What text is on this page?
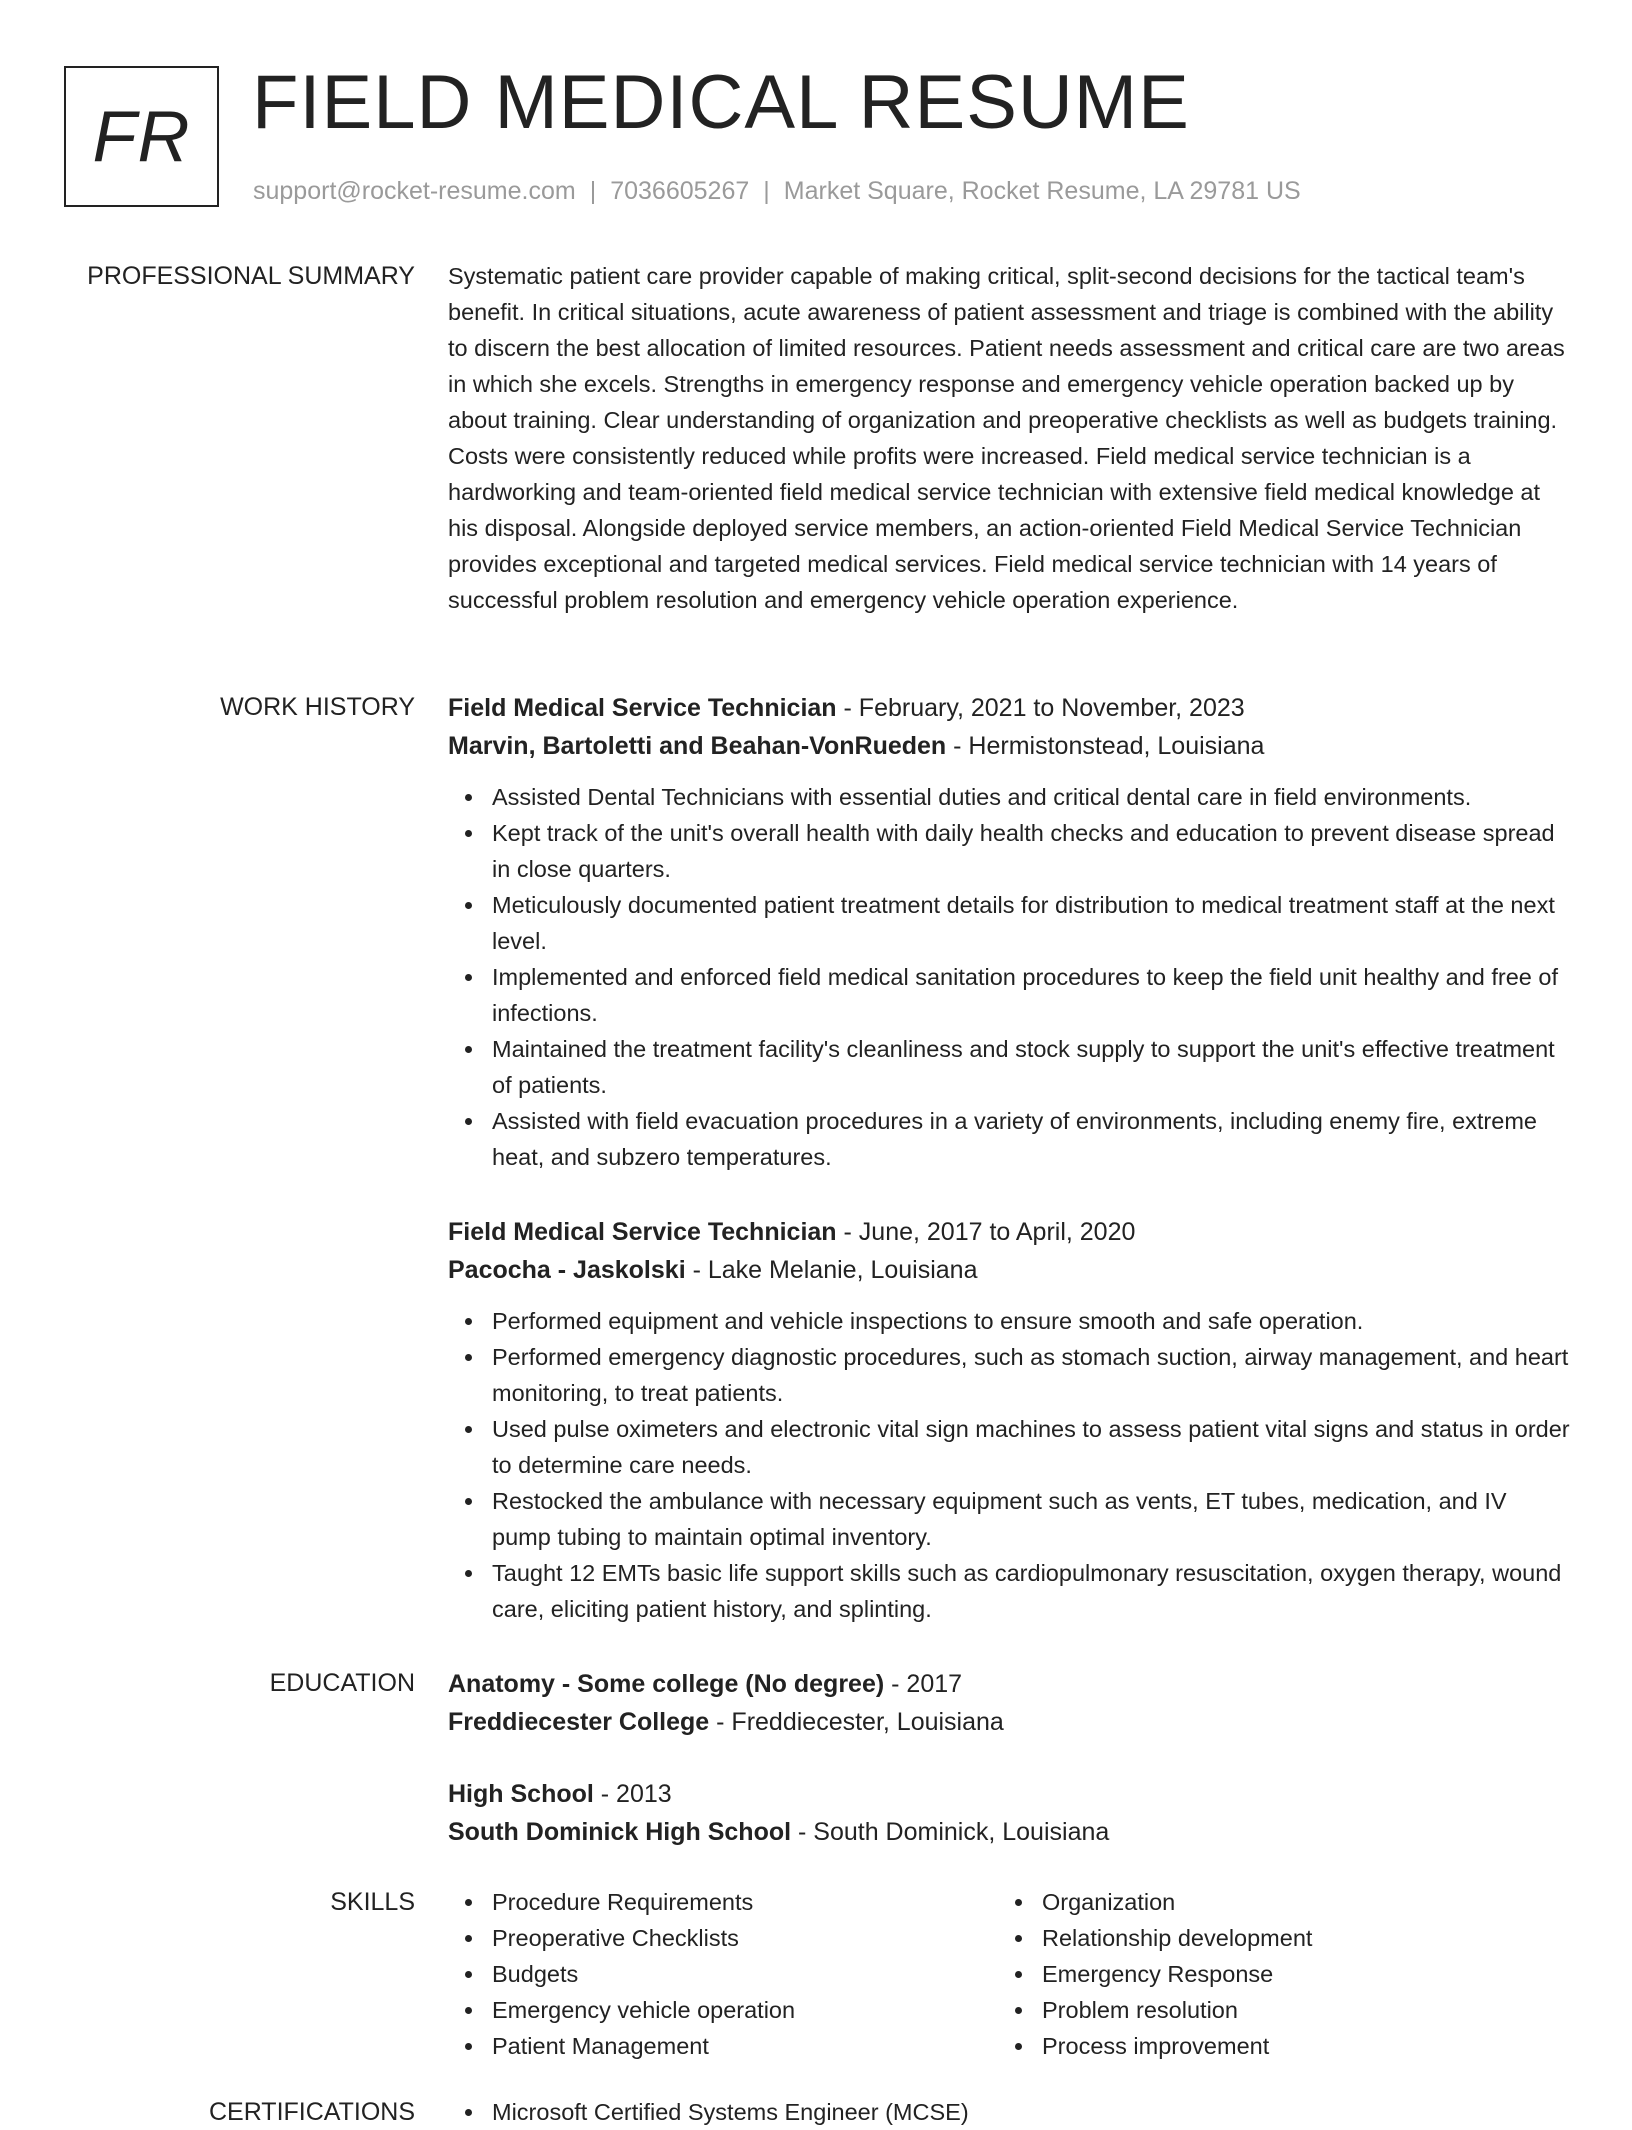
FR FIELD MEDICAL RESUME
support@rocket-resume.com | 7036605267 | Market Square, Rocket Resume, LA 29781 US
PROFESSIONAL SUMMARY Systematic patient care provider capable of making critical, split-second decisions for the tactical team's benefit. In critical situations, acute awareness of patient assessment and triage is combined with the ability to discern the best allocation of limited resources. Patient needs assessment and critical care are two areas in which she excels. Strengths in emergency response and emergency vehicle operation backed up by about training. Clear understanding of organization and preoperative checklists as well as budgets training. Costs were consistently reduced while profits were increased. Field medical service technician is a hardworking and team-oriented field medical service technician with extensive field medical knowledge at his disposal. Alongside deployed service members, an action-oriented Field Medical Service Technician provides exceptional and targeted medical services. Field medical service technician with 14 years of successful problem resolution and emergency vehicle operation experience.

WORK HISTORY Field Medical Service Technician - February, 2021 to November, 2023
Marvin, Bartoletti and Beahan-VonRueden - Hermistonstead, Louisiana
Assisted Dental Technicians with essential duties and critical dental care in field environments.
Kept track of the unit's overall health with daily health checks and education to prevent disease spread in close quarters.
Meticulously documented patient treatment details for distribution to medical treatment staff at the next level.
Implemented and enforced field medical sanitation procedures to keep the field unit healthy and free of infections.
Maintained the treatment facility's cleanliness and stock supply to support the unit's effective treatment of patients.
Assisted with field evacuation procedures in a variety of environments, including enemy fire, extreme heat, and subzero temperatures.
Field Medical Service Technician - June, 2017 to April, 2020
Pacocha - Jaskolski - Lake Melanie, Louisiana
Performed equipment and vehicle inspections to ensure smooth and safe operation.
Performed emergency diagnostic procedures, such as stomach suction, airway management, and heart monitoring, to treat patients.
Used pulse oximeters and electronic vital sign machines to assess patient vital signs and status in order to determine care needs.
Restocked the ambulance with necessary equipment such as vents, ET tubes, medication, and IV pump tubing to maintain optimal inventory.
Taught 12 EMTs basic life support skills such as cardiopulmonary resuscitation, oxygen therapy, wound care, eliciting patient history, and splinting.
EDUCATION Anatomy - Some college (No degree) - 2017
Freddiecester College - Freddiecester, Louisiana
High School - 2013
South Dominick High School - South Dominick, Louisiana
SKILLS	Procedure Requirements
Preoperative Checklists
Budgets
Emergency vehicle operation
Patient Management
Organization
Relationship development
Emergency Response
Problem resolution
Process improvement
CERTIFICATIONS	Microsoft Certified Systems Engineer (MCSE)
